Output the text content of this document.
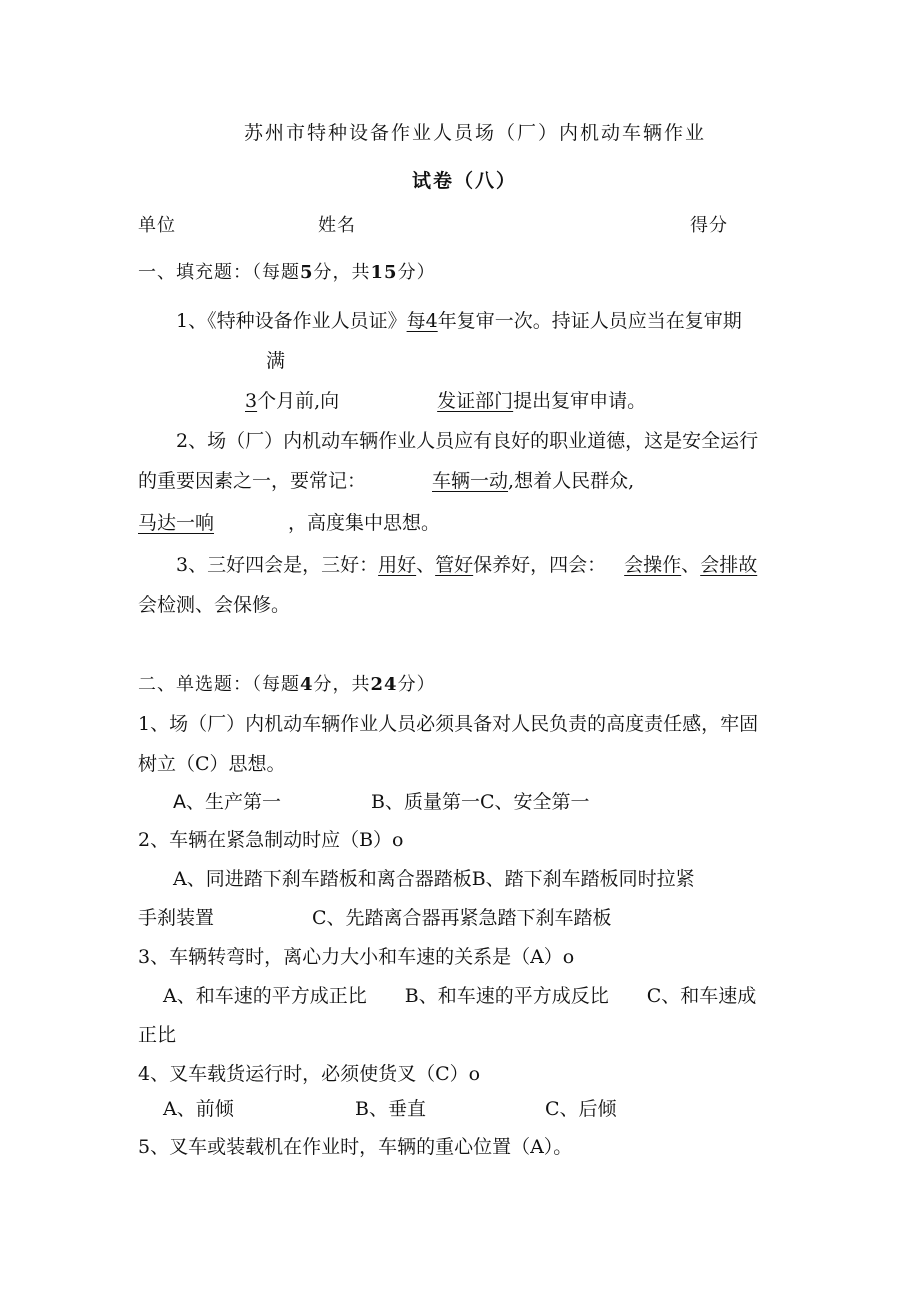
苏州市特种设备作业人员场（厂）内机动车辆作业
试卷（八）
单位	姓名	得分
一、填充题：（每题5分，共15分）
1、《特种设备作业人员证》每4年复审一次。持证人员应当在复审期
满
3个月前,向	发证部门提出复审申请。
2、场（厂）内机动车辆作业人员应有良好的职业道德，这是安全运行
的重要因素之一，要常记：	车辆一动,想着人民群众,
马达一响	，高度集中思想。
3、三好四会是，三好：用好、管好保养好，四会： 会操作、会排故
会检测、会保修。
二、单选题：（每题4分，共24分）
1、场（厂）内机动车辆作业人员必须具备对人民负责的高度责任感，牢固
树立（C）思想。
A、生产第一	B、质量第一C、安全第一
2、车辆在紧急制动时应（B）o
A、同进踏下刹车踏板和离合器踏板B、踏下刹车踏板同时拉紧
手刹装置	C、先踏离合器再紧急踏下刹车踏板
3、车辆转弯时，离心力大小和车速的关系是（A）o
A、和车速的平方成正比 B、和车速的平方成反比 C、和车速成
正比
4、叉车载货运行时，必须使货叉（C）o
A、前倾	B、垂直	C、后倾
5、叉车或装载机在作业时，车辆的重心位置（A）。
